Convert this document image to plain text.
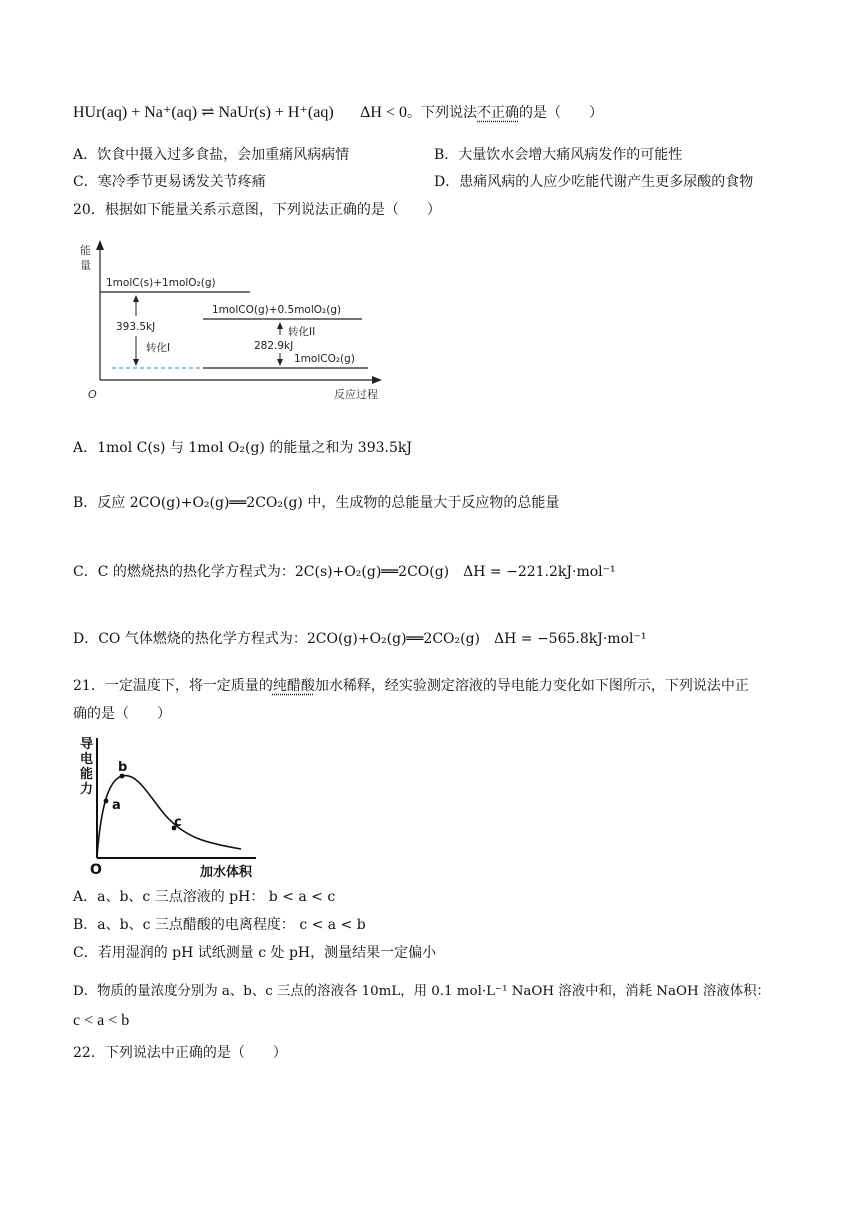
HUr(aq) + Na⁺(aq) ⇌ NaUr(s) + H⁺(aq) ΔH < 0。下列说法不正确的是（　　）
A．饮食中摄入过多食盐，会加重痛风病病情	B．大量饮水会增大痛风病发作的可能性
C．寒冷季节更易诱发关节疼痛	D．患痛风病的人应少吃能代谢产生更多尿酸的食物
20．根据如下能量关系示意图，下列说法正确的是（　　）
能量
O	反应过程
1molC(s)+1molO₂(g)
1molCO(g)+0.5molO₂(g)
1molCO₂(g)
393.5kJ
转化I
转化II
282.9kJ
A．1mol C(s) 与 1mol O₂(g) 的能量之和为 393.5kJ
B．反应 2CO(g)+O₂(g)══2CO₂(g) 中，生成物的总能量大于反应物的总能量
C．C 的燃烧热的热化学方程式为：2C(s)+O₂(g)══2CO(g)　ΔH = −221.2kJ·mol⁻¹
D．CO 气体燃烧的热化学方程式为：2CO(g)+O₂(g)══2CO₂(g)　ΔH = −565.8kJ·mol⁻¹
21．一定温度下，将一定质量的纯醋酸加水稀释，经实验测定溶液的导电能力变化如下图所示，下列说法中正
确的是（　　）
导电能力
O	加水体积
a
b
c
A．a、b、c 三点溶液的 pH： b < a < c
B．a、b、c 三点醋酸的电离程度： c < a < b
C．若用湿润的 pH 试纸测量 c 处 pH，测量结果一定偏小
D．物质的量浓度分别为 a、b、c 三点的溶液各 10mL，用 0.1 mol·L⁻¹ NaOH 溶液中和，消耗 NaOH 溶液体积：
c < a < b
22．下列说法中正确的是（　　）
